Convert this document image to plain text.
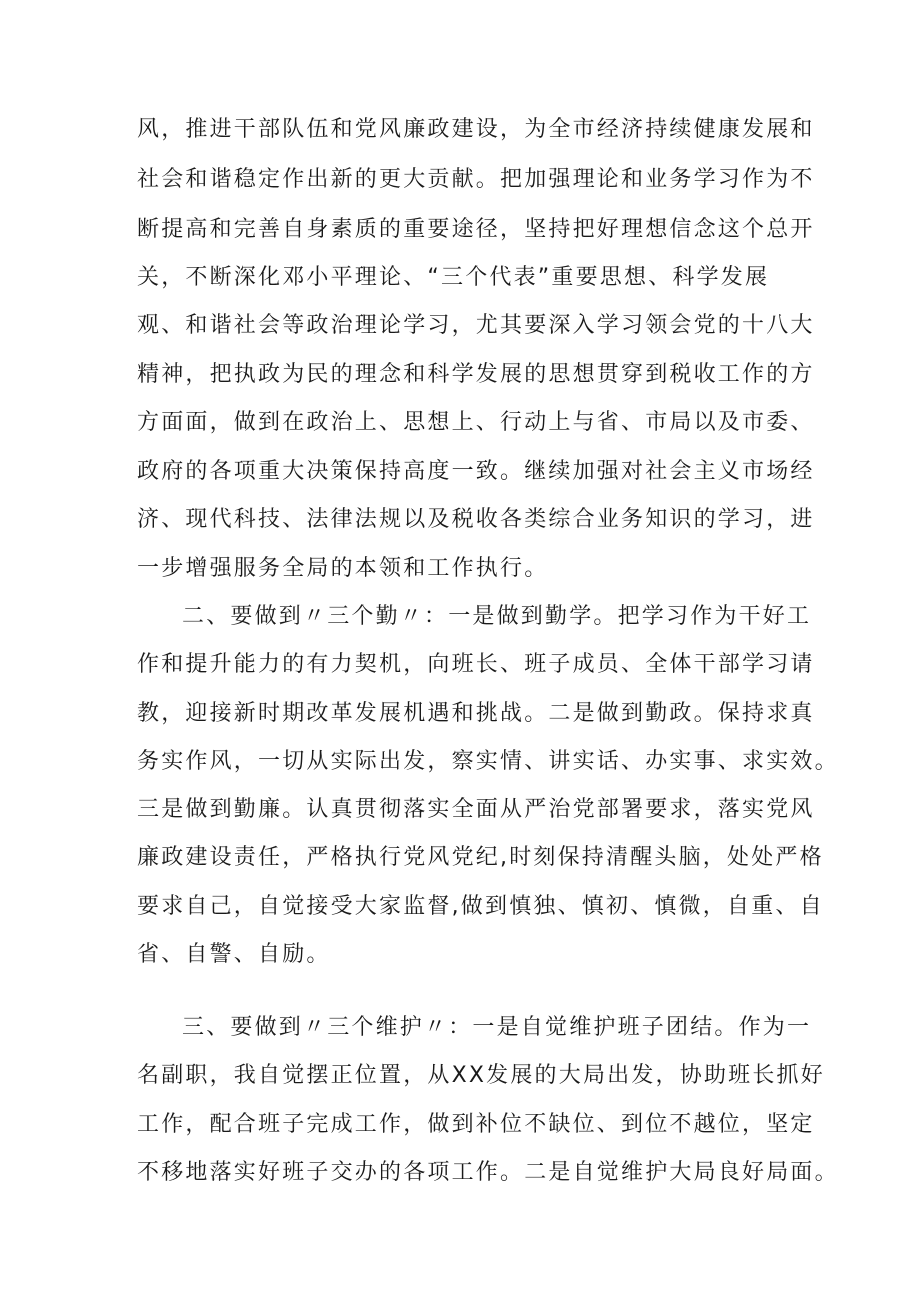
风，推进干部队伍和党风廉政建设，为全市经济持续健康发展和
社会和谐稳定作出新的更大贡献。把加强理论和业务学习作为不
断提高和完善自身素质的重要途径，坚持把好理想信念这个总开
关，不断深化邓小平理论、“三个代表”重要思想、科学发展
观、和谐社会等政治理论学习，尤其要深入学习领会党的十八大
精神，把执政为民的理念和科学发展的思想贯穿到税收工作的方
方面面，做到在政治上、思想上、行动上与省、市局以及市委、
政府的各项重大决策保持高度一致。继续加强对社会主义市场经
济、现代科技、法律法规以及税收各类综合业务知识的学习，进
一步增强服务全局的本领和工作执行。
二、要做到〃三个勤〃：一是做到勤学。把学习作为干好工
作和提升能力的有力契机，向班长、班子成员、全体干部学习请
教，迎接新时期改革发展机遇和挑战。二是做到勤政。保持求真
务实作风，一切从实际出发，察实情、讲实话、办实事、求实效。
三是做到勤廉。认真贯彻落实全面从严治党部署要求，落实党风
廉政建设责任，严格执行党风党纪,时刻保持清醒头脑，处处严格
要求自己，自觉接受大家监督,做到慎独、慎初、慎微，自重、自
省、自警、自励。
三、要做到〃三个维护〃：一是自觉维护班子团结。作为一
名副职，我自觉摆正位置，从XX发展的大局出发，协助班长抓好
工作，配合班子完成工作，做到补位不缺位、到位不越位，坚定
不移地落实好班子交办的各项工作。二是自觉维护大局良好局面。
